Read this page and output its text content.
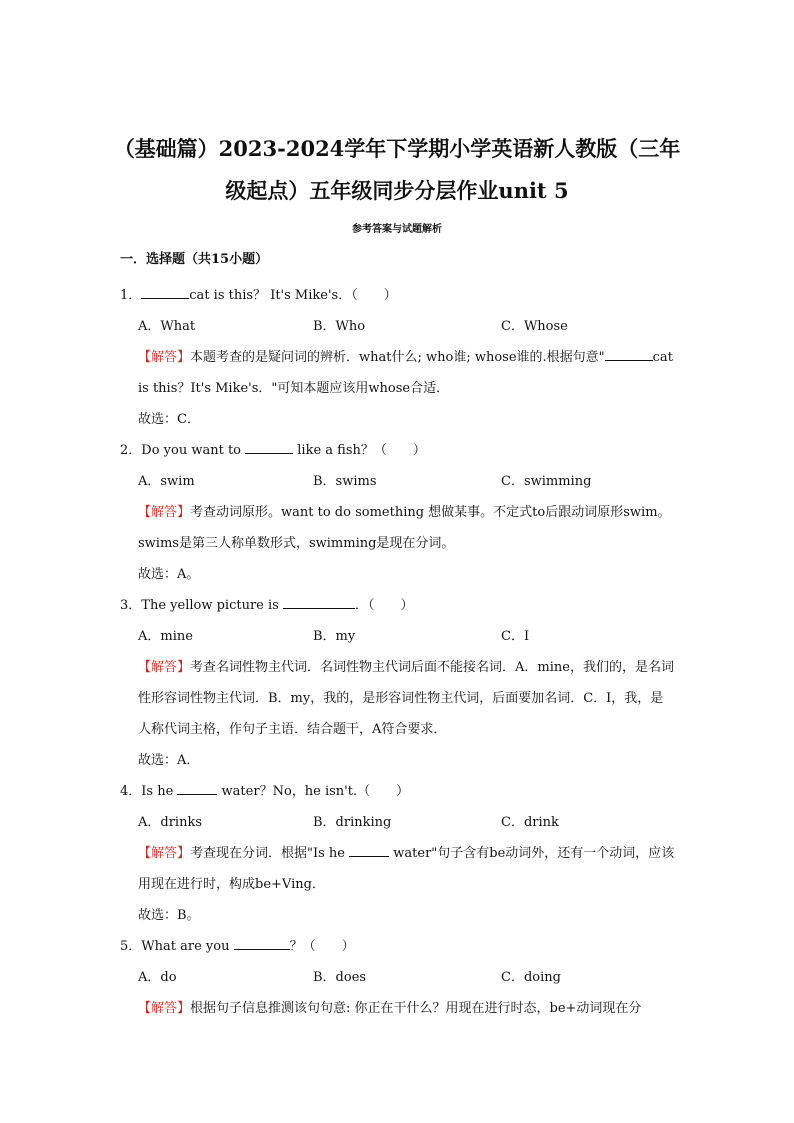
（基础篇）2023-2024学年下学期小学英语新人教版（三年级起点）五年级同步分层作业unit 5
参考答案与试题解析
一．选择题（共15小题）
1．	cat is this？ It's Mike's．（　　）
A．What	B．Who	C．Whose
【解答】本题考查的是疑问词的辨析．what什么; who谁; whose谁的.根据句意"	cat is this？It's Mike's．"可知本题应该用whose合适．
故选：C．
2．Do you want to	like a fish？（　　）
A．swim	B．swims	C．swimming
【解答】考查动词原形。want to do something 想做某事。不定式to后跟动词原形swim。swims是第三人称单数形式，swimming是现在分词。
故选：A。
3．The yellow picture is	．（　　）
A．mine	B．my	C．I
【解答】考查名词性物主代词．名词性物主代词后面不能接名词．A．mine，我们的，是名词性形容词性物主代词．B．my，我的，是形容词性物主代词，后面要加名词．C．I，我，是人称代词主格，作句子主语．结合题干，A符合要求．
故选：A．
4．Is he	water？No，he isn't.（　　）
A．drinks	B．drinking	C．drink
【解答】考查现在分词．根据"Is he	water"句子含有be动词外，还有一个动词，应该用现在进行时，构成be+Ving．
故选：B。
5．What are you	？（　　）
A．do	B．does	C．doing
【解答】根据句子信息推测该句句意: 你正在干什么？用现在进行时态，be+动词现在分
